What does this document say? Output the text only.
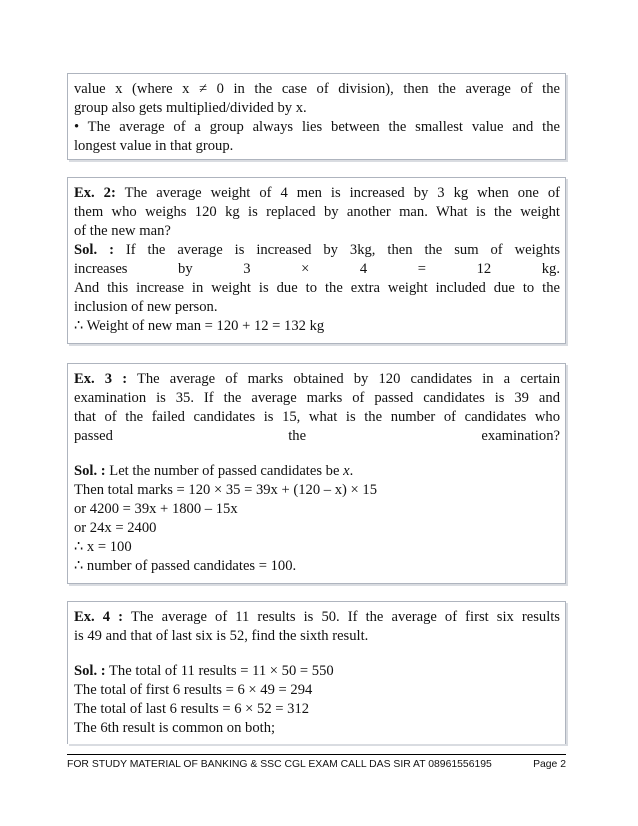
value x (where x ≠ 0 in the case of division), then the average of the

group also gets multiplied/divided by x.

• The average of a group always lies between the smallest value and the

longest value in that group.

Ex. 2: The average weight of 4 men is increased by 3 kg when one of

them who weighs 120 kg is replaced by another man. What is the weight

of the new man?

Sol. : If the average is increased by 3kg, then the sum of weights

increases by 3 × 4 = 12 kg.

And this increase in weight is due to the extra weight included due to the

inclusion of new person.

∴ Weight of new man = 120 + 12 = 132 kg

Ex. 3 : The average of marks obtained by 120 candidates in a certain

examination is 35. If the average marks of passed candidates is 39 and

that of the failed candidates is 15, what is the number of candidates who

passed the examination?

Sol. : Let the number of passed candidates be x.

Then total marks = 120 × 35 = 39x + (120 – x) × 15

or 4200 = 39x + 1800 – 15x

or 24x = 2400

∴ x = 100

∴ number of passed candidates = 100.

Ex. 4 : The average of 11 results is 50. If the average of first six results

is 49 and that of last six is 52, find the sixth result.

Sol. : The total of 11 results = 11 × 50 = 550

The total of first 6 results = 6 × 49 = 294

The total of last 6 results = 6 × 52 = 312

The 6th result is common on both;

FOR STUDY MATERIAL OF BANKING & SSC CGL EXAM CALL DAS SIR AT 08961556195	Page 2
